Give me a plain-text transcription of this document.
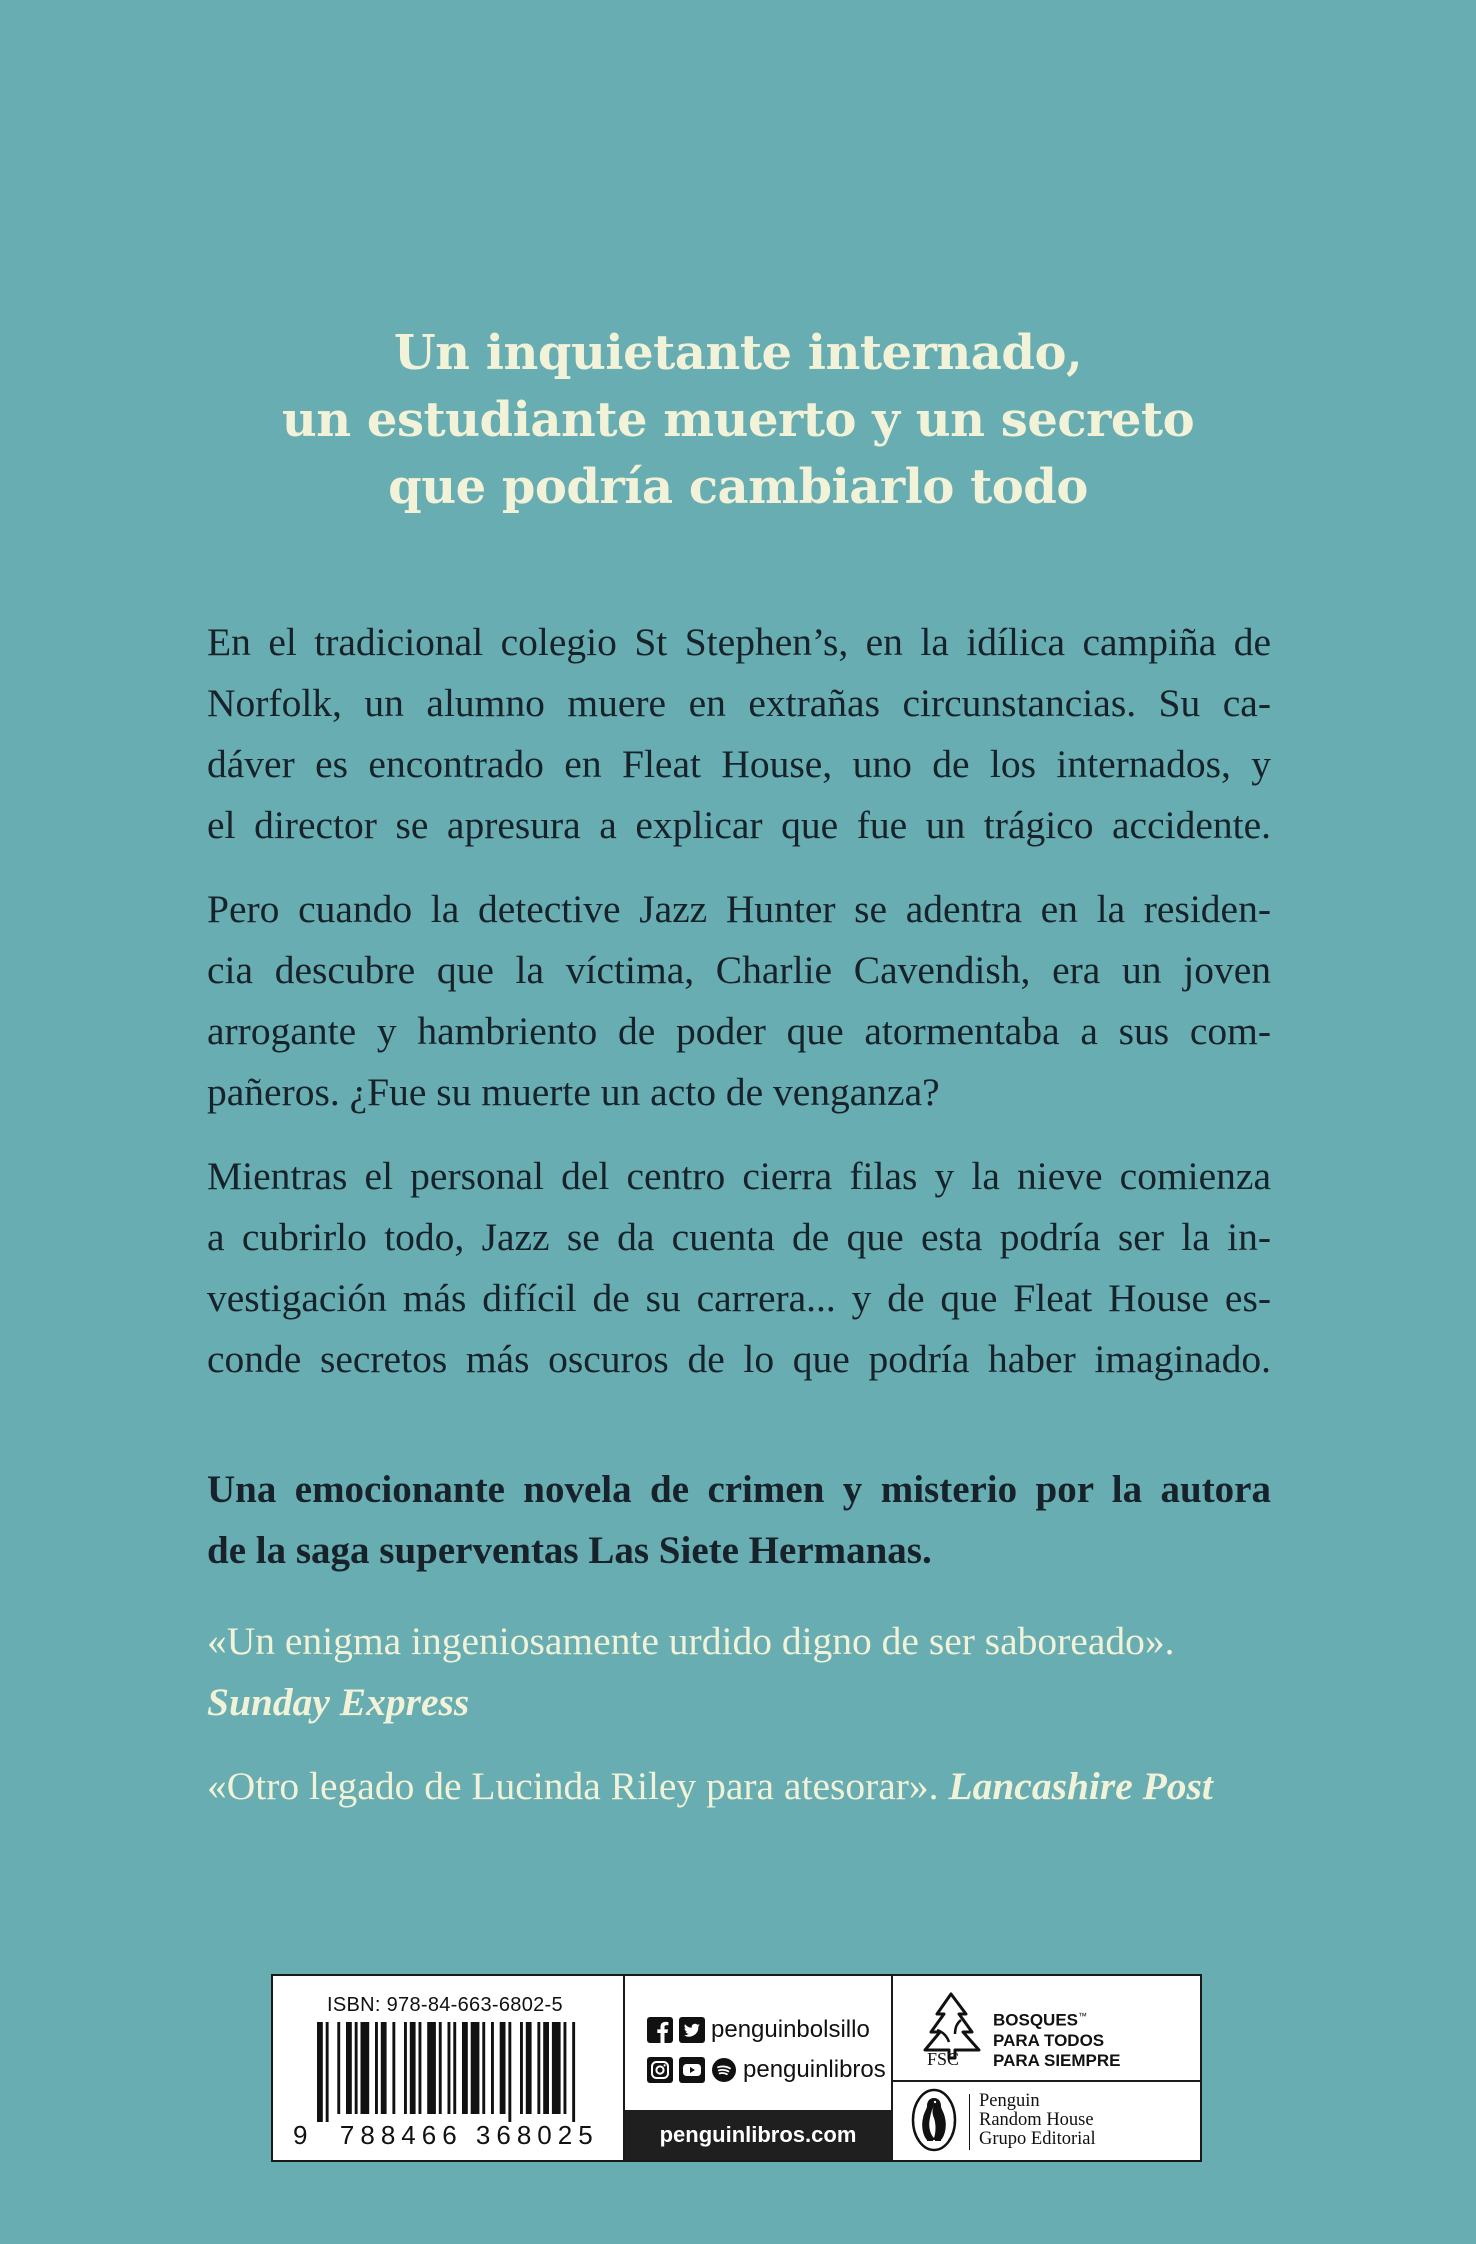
Un inquietante internado,
un estudiante muerto y un secreto
que podría cambiarlo todo
En el tradicional colegio St Stephen’s, en la idílica campiña de
Norfolk, un alumno muere en extrañas circunstancias. Su ca-
dáver es encontrado en Fleat House, uno de los internados, y
el director se apresura a explicar que fue un trágico accidente.
Pero cuando la detective Jazz Hunter se adentra en la residen-
cia descubre que la víctima, Charlie Cavendish, era un joven
arrogante y hambriento de poder que atormentaba a sus com-
pañeros. ¿Fue su muerte un acto de venganza?
Mientras el personal del centro cierra filas y la nieve comienza
a cubrirlo todo, Jazz se da cuenta de que esta podría ser la in-
vestigación más difícil de su carrera... y de que Fleat House es-
conde secretos más oscuros de lo que podría haber imaginado.
Una emocionante novela de crimen y misterio por la autora
de la saga superventas Las Siete Hermanas.
«Un enigma ingeniosamente urdido digno de ser saboreado».
Sunday Express
«Otro legado de Lucinda Riley para atesorar». Lancashire Post
ISBN: 978-84-663-6802-5
9 788466 368025
penguinbolsillo
penguinlibros
penguinlibros.com
FSC
BOSQUES™
PARA TODOS
PARA SIEMPRE
Penguin
Random House
Grupo Editorial
